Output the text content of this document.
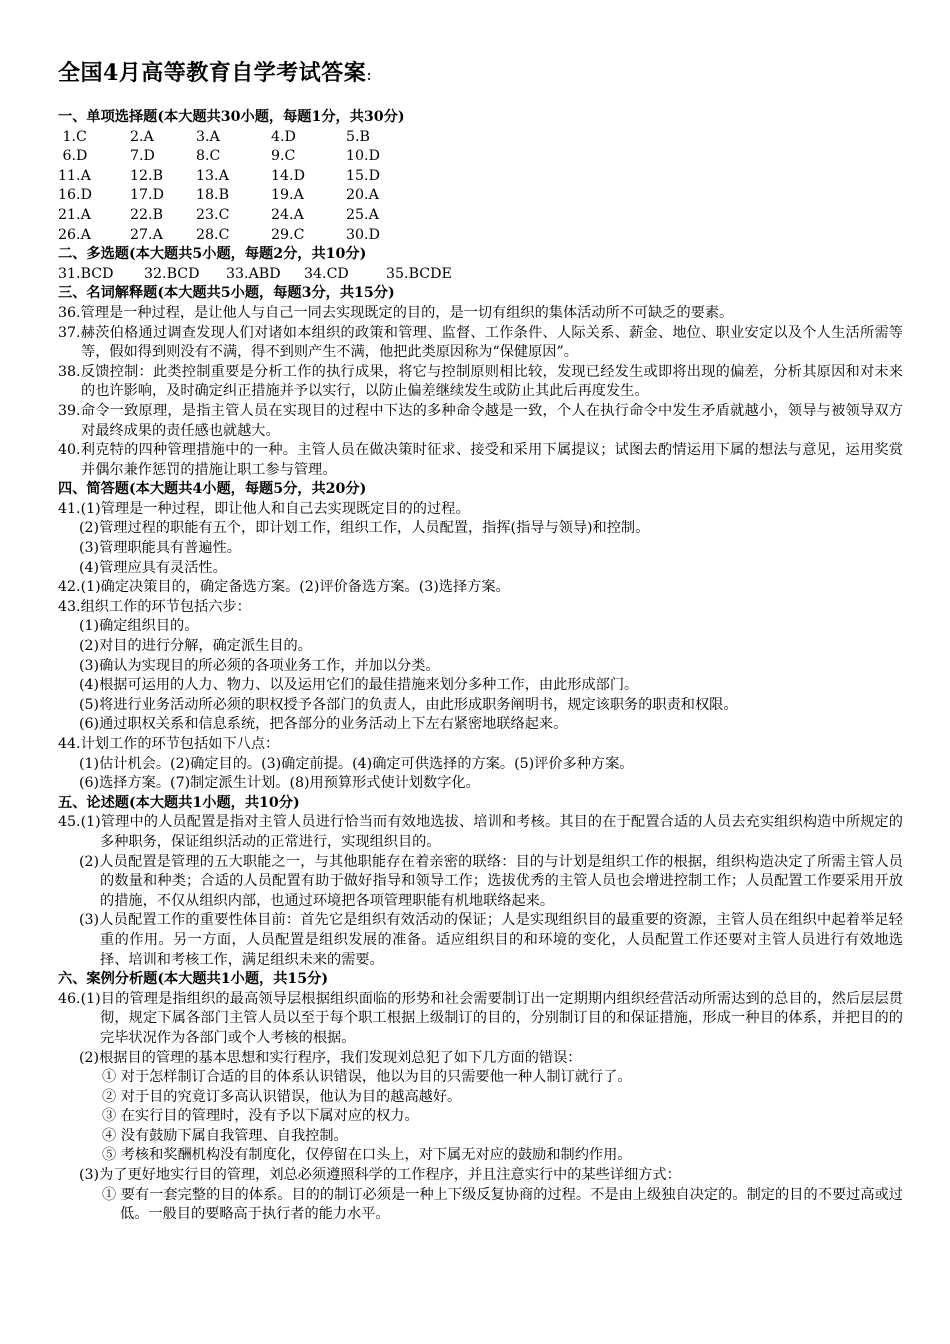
全国4月高等教育自学考试答案:

一、单项选择题(本大题共30小题，每题1分，共30分)

1.C	2.A	3.A	4.D	5.B
6.D	7.D	8.C	9.C	10.D
11.A	12.B	13.A	14.D	15.D
16.D	17.D	18.B	19.A	20.A
21.A	22.B	23.C	24.A	25.A
26.A	27.A	28.C	29.C	30.D

二、多选题(本大题共5小题，每题2分，共10分)

31.BCD	32.BCD	33.ABD	34.CD	35.BCDE

三、名词解释题(本大题共5小题，每题3分，共15分)

36.管理是一种过程，是让他人与自己一同去实现既定的目的，是一切有组织的集体活动所不可缺乏的要素。

37.赫茨伯格通过调查发现人们对诸如本组织的政策和管理、监督、工作条件、人际关系、薪金、地位、职业安定以及个人生活所需等等，假如得到则没有不满，得不到则产生不满，他把此类原因称为“保健原因”。

38.反馈控制：此类控制重要是分析工作的执行成果，将它与控制原则相比较，发现已经发生或即将出现的偏差，分析其原因和对未来的也许影响，及时确定纠正措施并予以实行，以防止偏差继续发生或防止其此后再度发生。

39.命令一致原理，是指主管人员在实现目的过程中下达的多种命令越是一致，个人在执行命令中发生矛盾就越小，领导与被领导双方对最终成果的责任感也就越大。

40.利克特的四种管理措施中的一种。主管人员在做决策时征求、接受和采用下属提议；试图去酌情运用下属的想法与意见，运用奖赏并偶尔兼作惩罚的措施让职工参与管理。

四、简答题(本大题共4小题，每题5分，共20分)

41.(1)管理是一种过程，即让他人和自己去实现既定目的的过程。

(2)管理过程的职能有五个，即计划工作，组织工作，人员配置，指挥(指导与领导)和控制。

(3)管理职能具有普遍性。

(4)管理应具有灵活性。

42.(1)确定决策目的，确定备选方案。(2)评价备选方案。(3)选择方案。

43.组织工作的环节包括六步：

(1)确定组织目的。

(2)对目的进行分解，确定派生目的。

(3)确认为实现目的所必须的各项业务工作，并加以分类。

(4)根据可运用的人力、物力、以及运用它们的最佳措施来划分多种工作，由此形成部门。

(5)将进行业务活动所必须的职权授予各部门的负责人，由此形成职务阐明书，规定该职务的职责和权限。

(6)通过职权关系和信息系统，把各部分的业务活动上下左右紧密地联络起来。

44.计划工作的环节包括如下八点：

(1)估计机会。(2)确定目的。(3)确定前提。(4)确定可供选择的方案。(5)评价多种方案。

(6)选择方案。(7)制定派生计划。(8)用预算形式使计划数字化。

五、论述题(本大题共1小题，共10分)

45.(1)管理中的人员配置是指对主管人员进行恰当而有效地选拔、培训和考核。其目的在于配置合适的人员去充实组织构造中所规定的多种职务，保证组织活动的正常进行，实现组织目的。

(2)人员配置是管理的五大职能之一，与其他职能存在着亲密的联络：目的与计划是组织工作的根据，组织构造决定了所需主管人员的数量和种类；合适的人员配置有助于做好指导和领导工作；选拔优秀的主管人员也会增进控制工作；人员配置工作要采用开放的措施，不仅从组织内部，也通过环境把各项管理职能有机地联络起来。

(3)人员配置工作的重要性体目前：首先它是组织有效活动的保证；人是实现组织目的最重要的资源，主管人员在组织中起着举足轻重的作用。另一方面，人员配置是组织发展的准备。适应组织目的和环境的变化，人员配置工作还要对主管人员进行有效地选择、培训和考核工作，满足组织未来的需要。

六、案例分析题(本大题共1小题，共15分)

46.(1)目的管理是指组织的最高领导层根据组织面临的形势和社会需要制订出一定期期内组织经营活动所需达到的总目的，然后层层贯彻，规定下属各部门主管人员以至于每个职工根据上级制订的目的，分别制订目的和保证措施，形成一种目的体系，并把目的的完毕状况作为各部门或个人考核的根据。

(2)根据目的管理的基本思想和实行程序，我们发现刘总犯了如下几方面的错误：

① 对于怎样制订合适的目的体系认识错误，他以为目的只需要他一种人制订就行了。

② 对于目的究竟订多高认识错误，他认为目的越高越好。

③ 在实行目的管理时，没有予以下属对应的权力。

④ 没有鼓励下属自我管理、自我控制。

⑤ 考核和奖酬机构没有制度化，仅停留在口头上，对下属无对应的鼓励和制约作用。

(3)为了更好地实行目的管理，刘总必须遵照科学的工作程序，并且注意实行中的某些详细方式：

① 要有一套完整的目的体系。目的的制订必须是一种上下级反复协商的过程。不是由上级独自决定的。制定的目的不要过高或过低。一般目的要略高于执行者的能力水平。
